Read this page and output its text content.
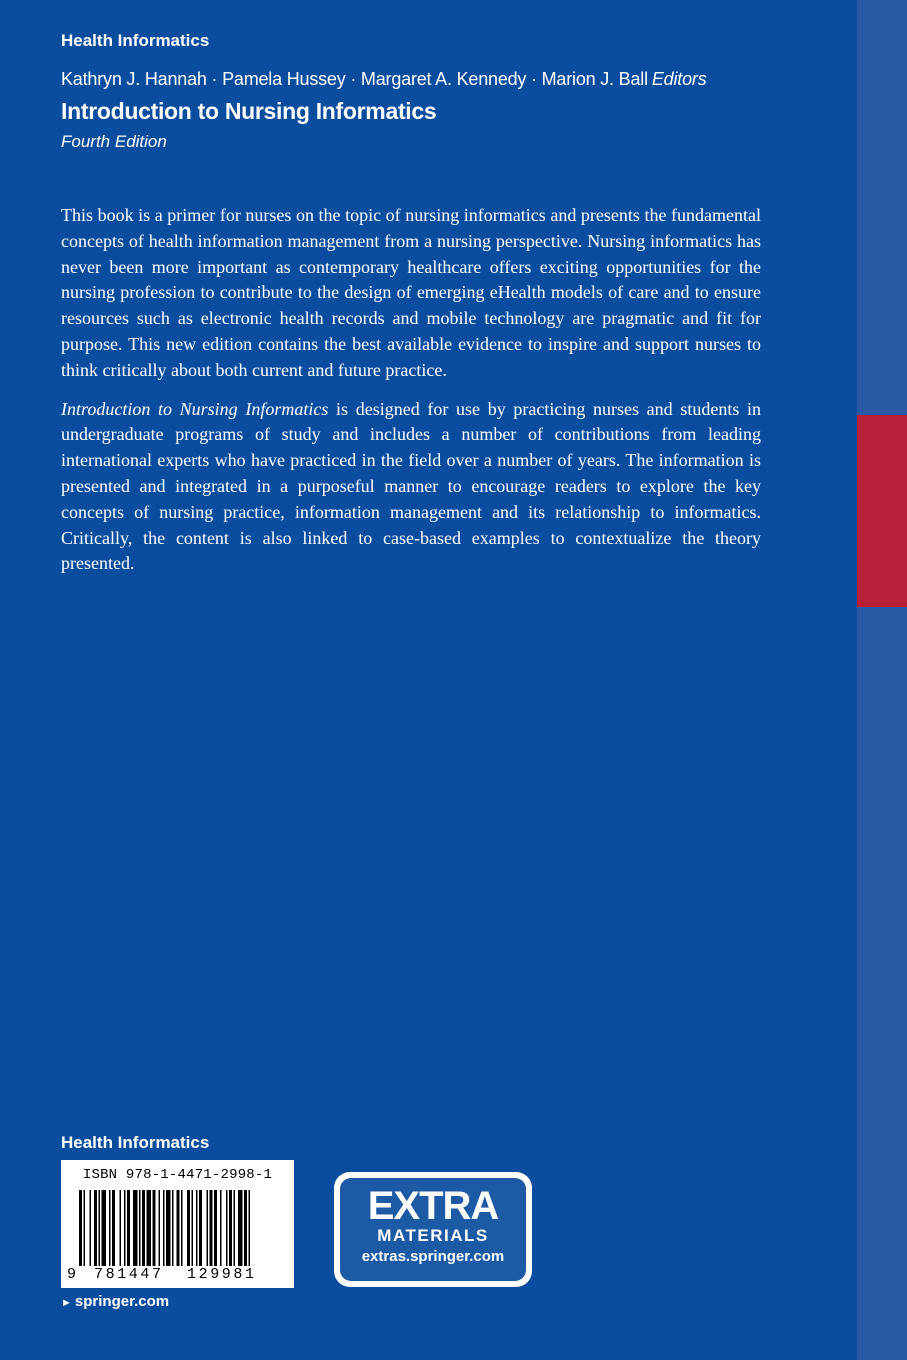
Health Informatics
Kathryn J. Hannah · Pamela Hussey · Margaret A. Kennedy · Marion J. Ball Editors
Introduction to Nursing Informatics
Fourth Edition

This book is a primer for nurses on the topic of nursing informatics and presents the fundamental concepts of health information management from a nursing perspective. Nursing informatics has never been more important as contemporary healthcare offers exciting opportunities for the nursing profession to contribute to the design of emerging eHealth models of care and to ensure resources such as electronic health records and mobile technology are pragmatic and fit for purpose. This new edition contains the best available evidence to inspire and support nurses to think critically about both current and future practice.

Introduction to Nursing Informatics is designed for use by practicing nurses and students in undergraduate programs of study and includes a number of contributions from leading international experts who have practiced in the field over a number of years. The information is presented and integrated in a purposeful manner to encourage readers to explore the key concepts of nursing practice, information management and its relationship to informatics. Critically, the content is also linked to case-based examples to contextualize the theory presented.

Health Informatics
ISBN 978-1-4471-2998-1
9 781447 129981
EXTRA
MATERIALS
extras.springer.com
► springer.com
